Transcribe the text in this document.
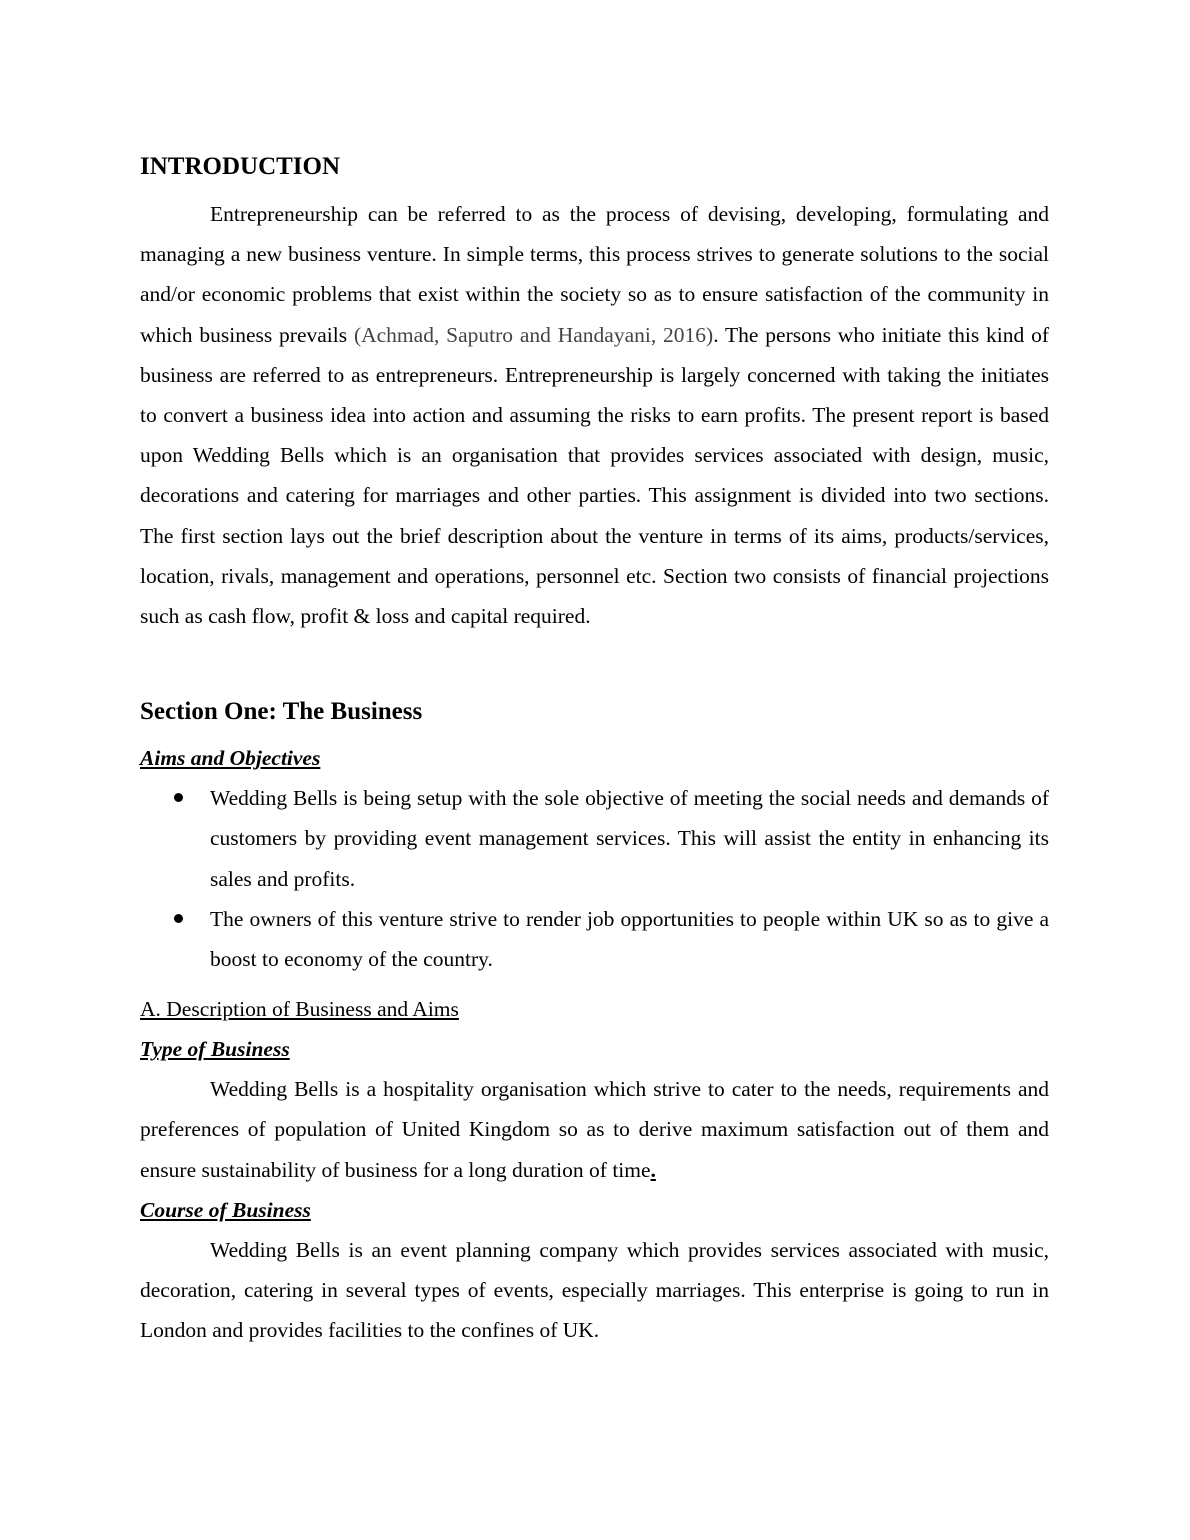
INTRODUCTION

Entrepreneurship can be referred to as the process of devising, developing, formulating and managing a new business venture. In simple terms, this process strives to generate solutions to the social and/or economic problems that exist within the society so as to ensure satisfaction of the community in which business prevails (Achmad, Saputro and Handayani, 2016). The persons who initiate this kind of business are referred to as entrepreneurs. Entrepreneurship is largely concerned with taking the initiates to convert a business idea into action and assuming the risks to earn profits. The present report is based upon Wedding Bells which is an organisation that provides services associated with design, music, decorations and catering for marriages and other parties. This assignment is divided into two sections. The first section lays out the brief description about the venture in terms of its aims, products/services, location, rivals, management and operations, personnel etc. Section two consists of financial projections such as cash flow, profit & loss and capital required.

Section One: The Business
Aims and Objectives
Wedding Bells is being setup with the sole objective of meeting the social needs and demands of customers by providing event management services. This will assist the entity in enhancing its sales and profits.
The owners of this venture strive to render job opportunities to people within UK so as to give a boost to economy of the country.
A. Description of Business and Aims
Type of Business

Wedding Bells is a hospitality organisation which strive to cater to the needs, requirements and preferences of population of United Kingdom so as to derive maximum satisfaction out of them and ensure sustainability of business for a long duration of time.

Course of Business

Wedding Bells is an event planning company which provides services associated with music, decoration, catering in several types of events, especially marriages. This enterprise is going to run in London and provides facilities to the confines of UK.
